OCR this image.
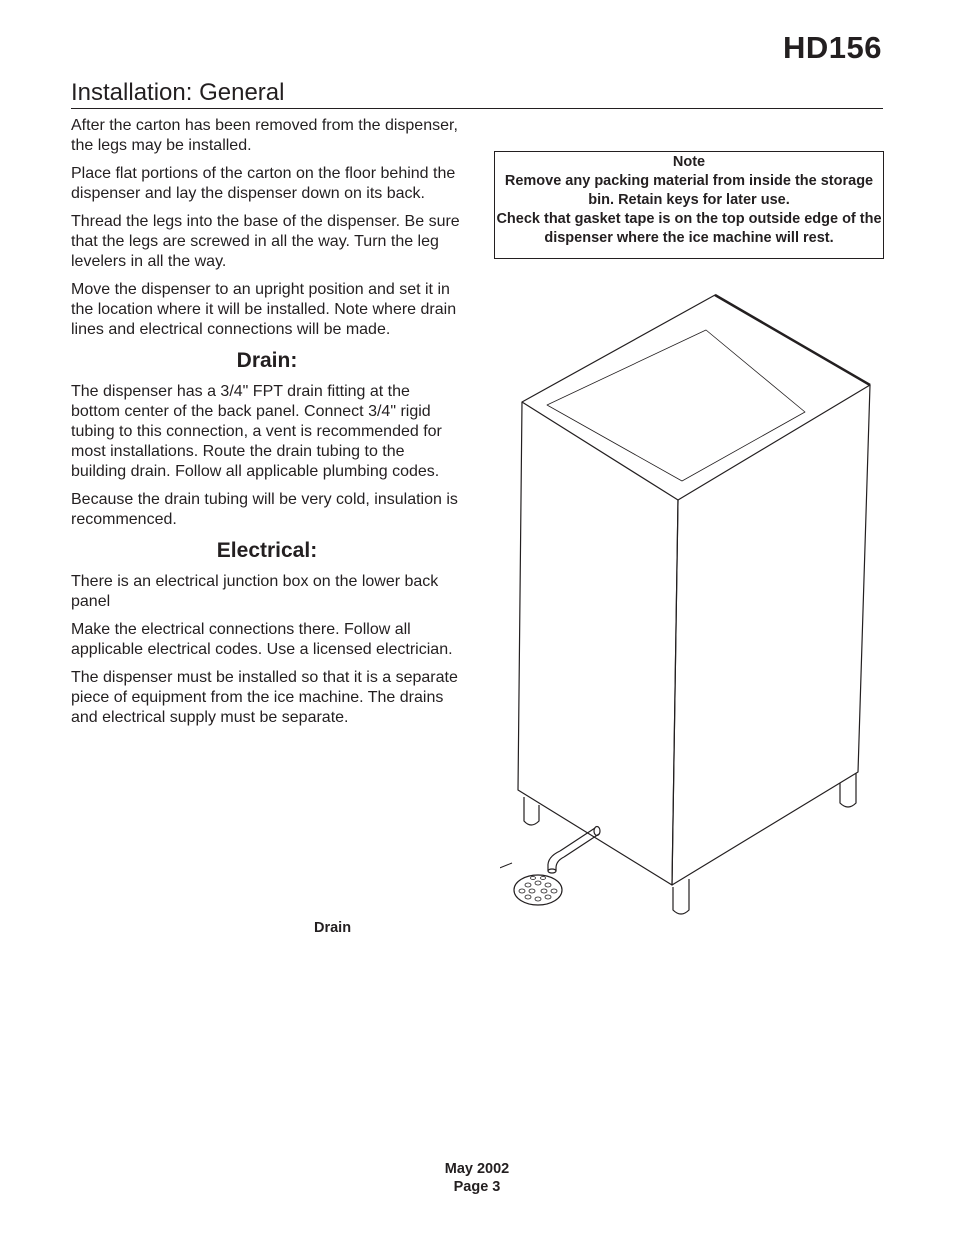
HD156
Installation: General

After the carton has been removed from the dispenser, the legs may be installed.

Place flat portions of the carton on the floor behind the dispenser and lay the dispenser down on its back.

Thread the legs into the base of the dispenser. Be sure that the legs are screwed in all the way. Turn the leg levelers in all the way.

Move the dispenser to an upright position and set it in the location where it will be installed. Note where drain lines and electrical connections will be made.

Drain:

The dispenser has a 3/4" FPT drain fitting at the bottom center of the back panel. Connect 3/4" rigid tubing to this connection, a vent is recommended for most installations. Route the drain tubing to the building drain. Follow all applicable plumbing codes.

Because the drain tubing will be very cold, insulation is recommenced.

Electrical:

There is an electrical junction box on the lower back panel

Make the electrical connections there. Follow all applicable electrical codes. Use a licensed electrician.

The dispenser must be installed so that it is a separate piece of equipment from the ice machine. The drains and electrical supply must be separate.

Note
Remove any packing material from inside the storage bin. Retain keys for later use.
Check that gasket tape is on the top outside edge of the dispenser where the ice machine will rest.
Drain
May 2002
Page 3
